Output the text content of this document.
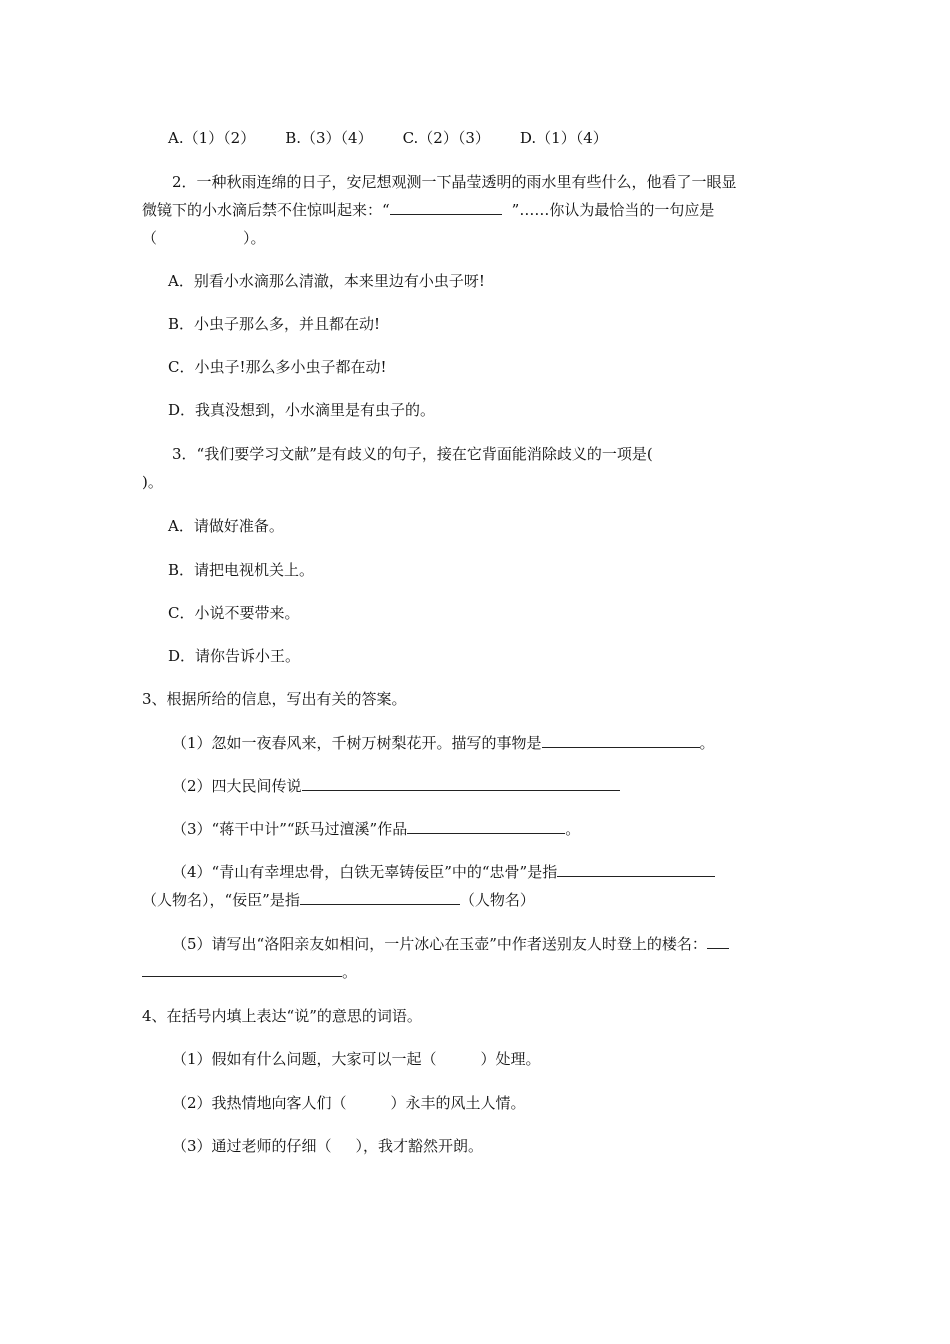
A.（1）（2） B.（3）（4） C.（2）（3） D.（1）（4）
2．一种秋雨连绵的日子，安尼想观测一下晶莹透明的雨水里有些什么，他看了一眼显
微镜下的小水滴后禁不住惊叫起来：“	”……你认为最恰当的一句应是
（	）。
A．别看小水滴那么清澈，本来里边有小虫子呀!
B．小虫子那么多，并且都在动!
C．小虫子!那么多小虫子都在动!
D．我真没想到，小水滴里是有虫子的。
3．“我们要学习文献”是有歧义的句子，接在它背面能消除歧义的一项是(
)。
A．请做好准备。
B．请把电视机关上。
C．小说不要带来。
D．请你告诉小王。
3、根据所给的信息，写出有关的答案。
（1）忽如一夜春风来，千树万树梨花开。描写的事物是	。
（2）四大民间传说
（3）“蒋干中计”“跃马过澶溪”作品	。
（4）“青山有幸埋忠骨，白铁无辜铸佞臣”中的“忠骨”是指
（人物名），“佞臣”是指	（人物名）
（5）请写出“洛阳亲友如相问，一片冰心在玉壶”中作者送别友人时登上的楼名：
。
4、在括号内填上表达“说”的意思的词语。
（1）假如有什么问题，大家可以一起（	）处理。
（2）我热情地向客人们（	）永丰的风土人情。
（3）通过老师的仔细（ ），我才豁然开朗。
